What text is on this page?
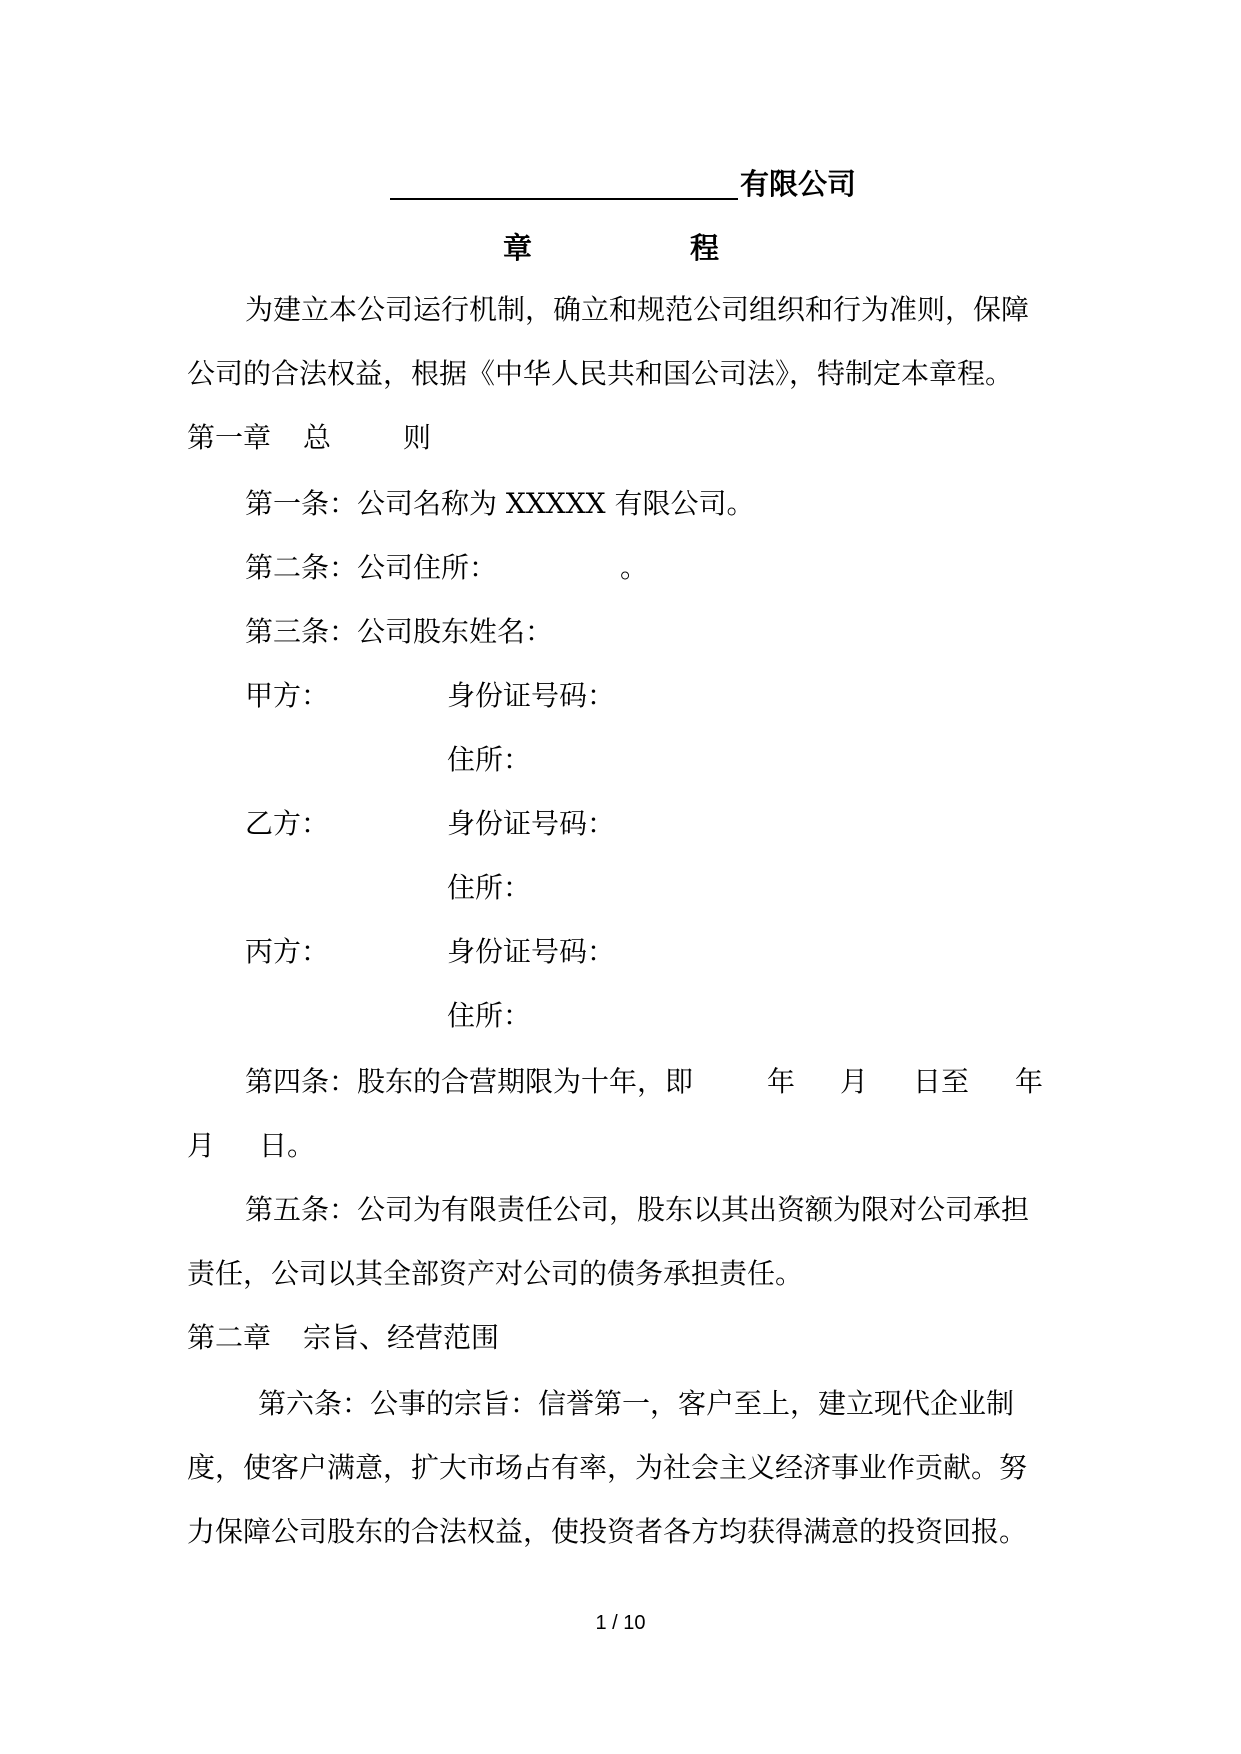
有限公司
章	程
为建立本公司运行机制，确立和规范公司组织和行为准则，保障
公司的合法权益，根据《中华人民共和国公司法》，特制定本章程。
第一章 总	则
第一条：公司名称为 XXXXX 有限公司。
第二条：公司住所：	。
第三条：公司股东姓名：
甲方：	身份证号码：
住所：
乙方：	身份证号码：
住所：
丙方：	身份证号码：
住所：
第四条：股东的合营期限为十年，即	年 月 日至 年
月 日。
第五条：公司为有限责任公司，股东以其出资额为限对公司承担
责任，公司以其全部资产对公司的债务承担责任。
第二章 宗旨、经营范围
第六条：公事的宗旨：信誉第一，客户至上，建立现代企业制
度，使客户满意，扩大市场占有率，为社会主义经济事业作贡献。努
力保障公司股东的合法权益，使投资者各方均获得满意的投资回报。
1 / 10
